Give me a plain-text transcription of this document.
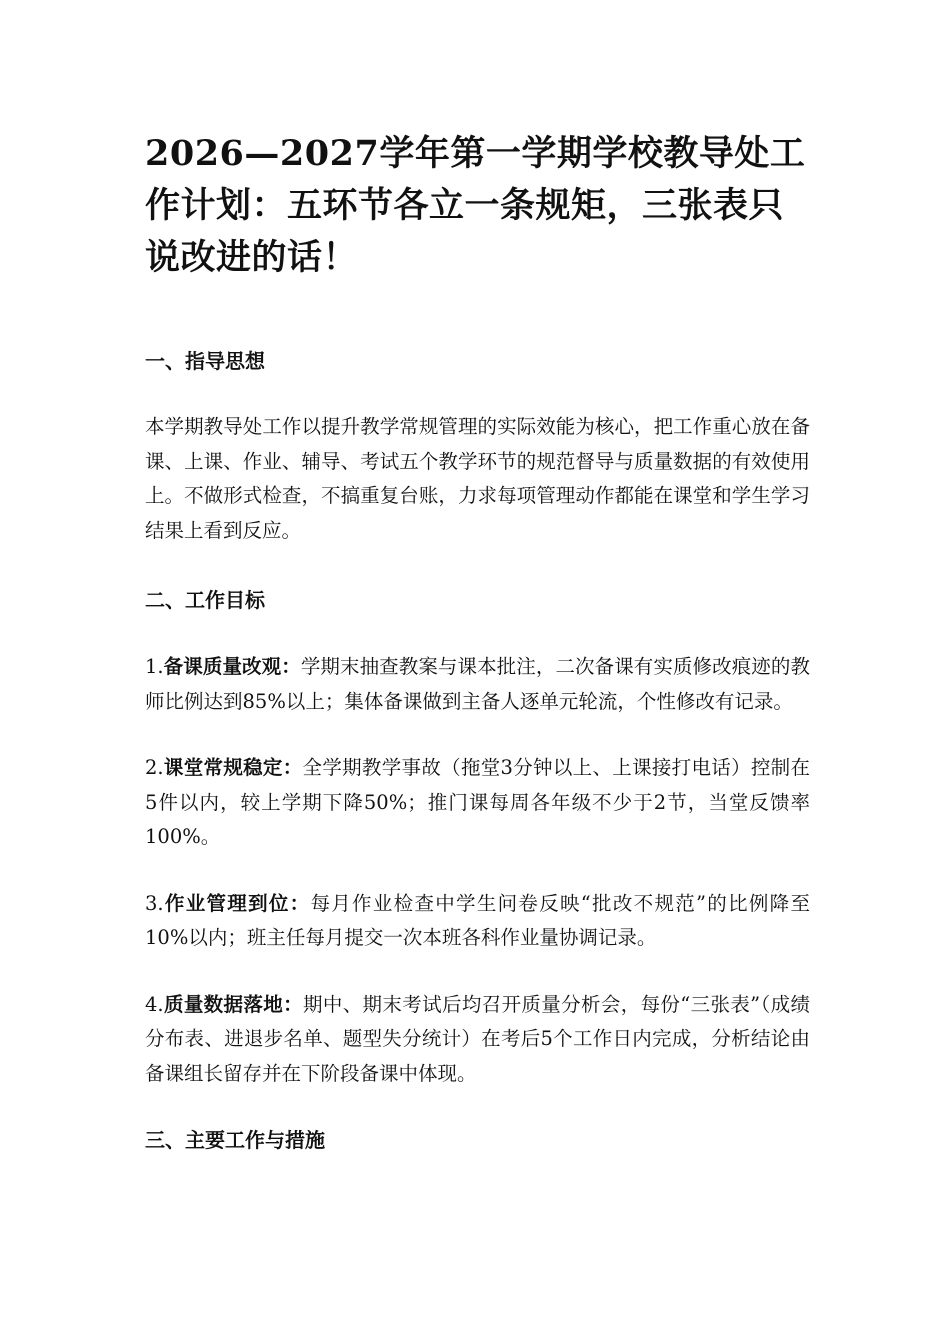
2026—2027学年第一学期学校教导处工作计划：五环节各立一条规矩，三张表只说改进的话！
一、指导思想

本学期教导处工作以提升教学常规管理的实际效能为核心，把工作重心放在备课、上课、作业、辅导、考试五个教学环节的规范督导与质量数据的有效使用上。不做形式检查，不搞重复台账，力求每项管理动作都能在课堂和学生学习结果上看到反应。

二、工作目标

1.备课质量改观：学期末抽查教案与课本批注，二次备课有实质修改痕迹的教师比例达到85%以上；集体备课做到主备人逐单元轮流，个性修改有记录。

2.课堂常规稳定：全学期教学事故（拖堂3分钟以上、上课接打电话）控制在5件以内，较上学期下降50%；推门课每周各年级不少于2节，当堂反馈率100%。

3.作业管理到位：每月作业检查中学生问卷反映“批改不规范”的比例降至10%以内；班主任每月提交一次本班各科作业量协调记录。

4.质量数据落地：期中、期末考试后均召开质量分析会，每份“三张表”（成绩分布表、进退步名单、题型失分统计）在考后5个工作日内完成，分析结论由备课组长留存并在下阶段备课中体现。

三、主要工作与措施
